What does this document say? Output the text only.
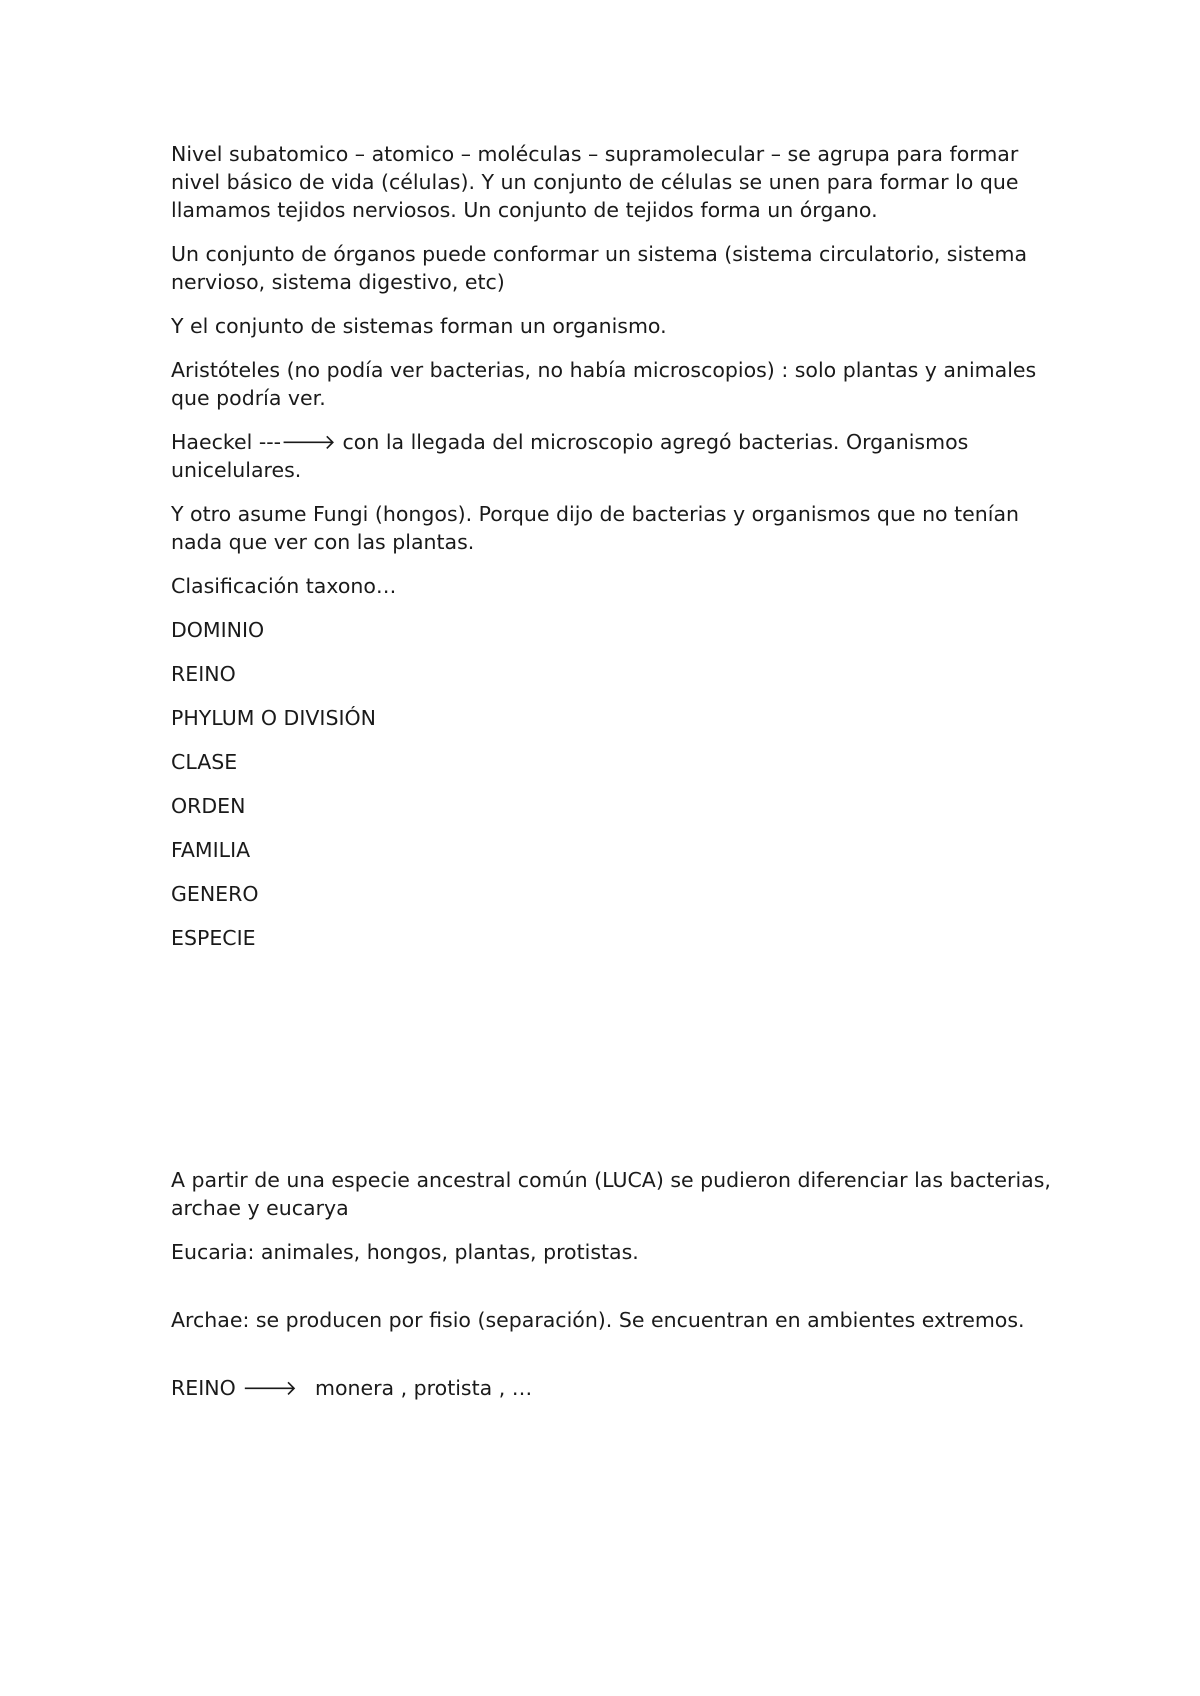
Nivel subatomico – atomico – moléculas – supramolecular – se agrupa para formar nivel básico de vida (células). Y un conjunto de células se unen para formar lo que llamamos tejidos nerviosos. Un conjunto de tejidos forma un órgano.

Un conjunto de órganos puede conformar un sistema (sistema circulatorio, sistema nervioso, sistema digestivo, etc)

Y el conjunto de sistemas forman un organismo.

Aristóteles (no podía ver bacterias, no había microscopios) : solo plantas y animales que podría ver.

Haeckel ---🡒 con la llegada del microscopio agregó bacterias. Organismos unicelulares.

Y otro asume Fungi (hongos). Porque dijo de bacterias y organismos que no tenían nada que ver con las plantas.

Clasificación taxono…

DOMINIO

REINO

PHYLUM O DIVISIÓN

CLASE

ORDEN

FAMILIA

GENERO

ESPECIE

A partir de una especie ancestral común (LUCA) se pudieron diferenciar las bacterias, archae y eucarya

Eucaria: animales, hongos, plantas, protistas.

Archae: se producen por fisio (separación). Se encuentran en ambientes extremos.

REINO 🡒 monera , protista , …
